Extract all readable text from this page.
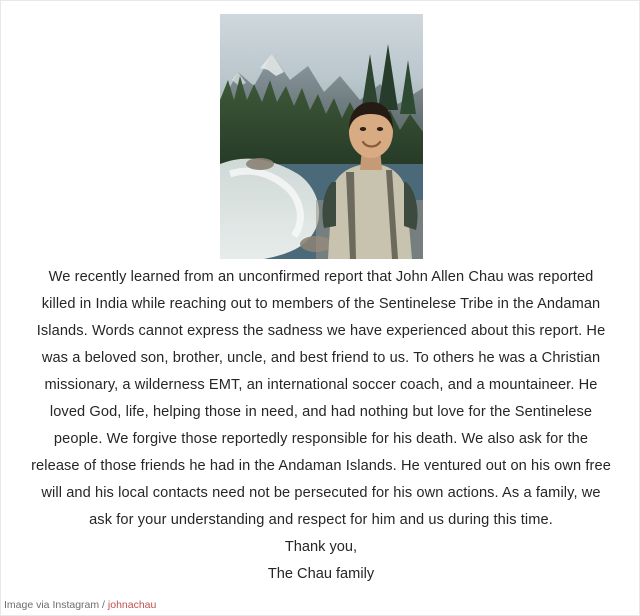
We recently learned from an unconfirmed report that John Allen Chau was reported killed in India while reaching out to members of the Sentinelese Tribe in the Andaman Islands. Words cannot express the sadness we have experienced about this report. He was a beloved son, brother, uncle, and best friend to us. To others he was a Christian missionary, a wilderness EMT, an international soccer coach, and a mountaineer. He loved God, life, helping those in need, and had nothing but love for the Sentinelese people. We forgive those reportedly responsible for his death. We also ask for the release of those friends he had in the Andaman Islands. He ventured out on his own free will and his local contacts need not be persecuted for his own actions. As a family, we ask for your understanding and respect for him and us during this time.
Thank you,
The Chau family
Image via Instagram / johnachau
